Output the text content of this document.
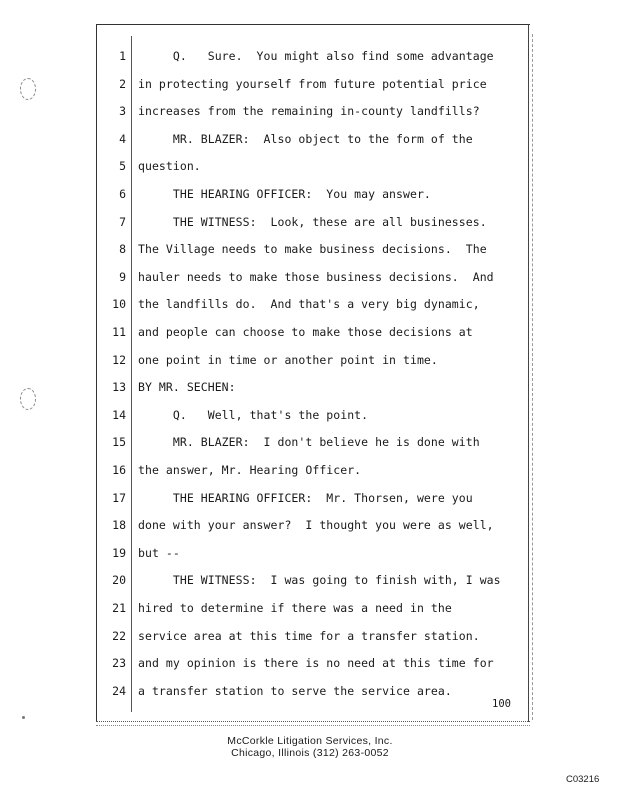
1 Q.   Sure.  You might also find some advantage
2 in protecting yourself from future potential price
3 increases from the remaining in-county landfills?
4 MR. BLAZER:  Also object to the form of the
5 question.
6 THE HEARING OFFICER:  You may answer.
7 THE WITNESS:  Look, these are all businesses.
8 The Village needs to make business decisions.  The
9 hauler needs to make those business decisions.  And
10 the landfills do.  And that's a very big dynamic,
11 and people can choose to make those decisions at
12 one point in time or another point in time.
13 BY MR. SECHEN:
14 Q.   Well, that's the point.
15 MR. BLAZER:  I don't believe he is done with
16 the answer, Mr. Hearing Officer.
17 THE HEARING OFFICER:  Mr. Thorsen, were you
18 done with your answer?  I thought you were as well,
19 but --
20 THE WITNESS:  I was going to finish with, I was
21 hired to determine if there was a need in the
22 service area at this time for a transfer station.
23 and my opinion is there is no need at this time for
24 a transfer station to serve the service area.
100
McCorkle Litigation Services, Inc.
Chicago, Illinois (312) 263-0052
C03216
